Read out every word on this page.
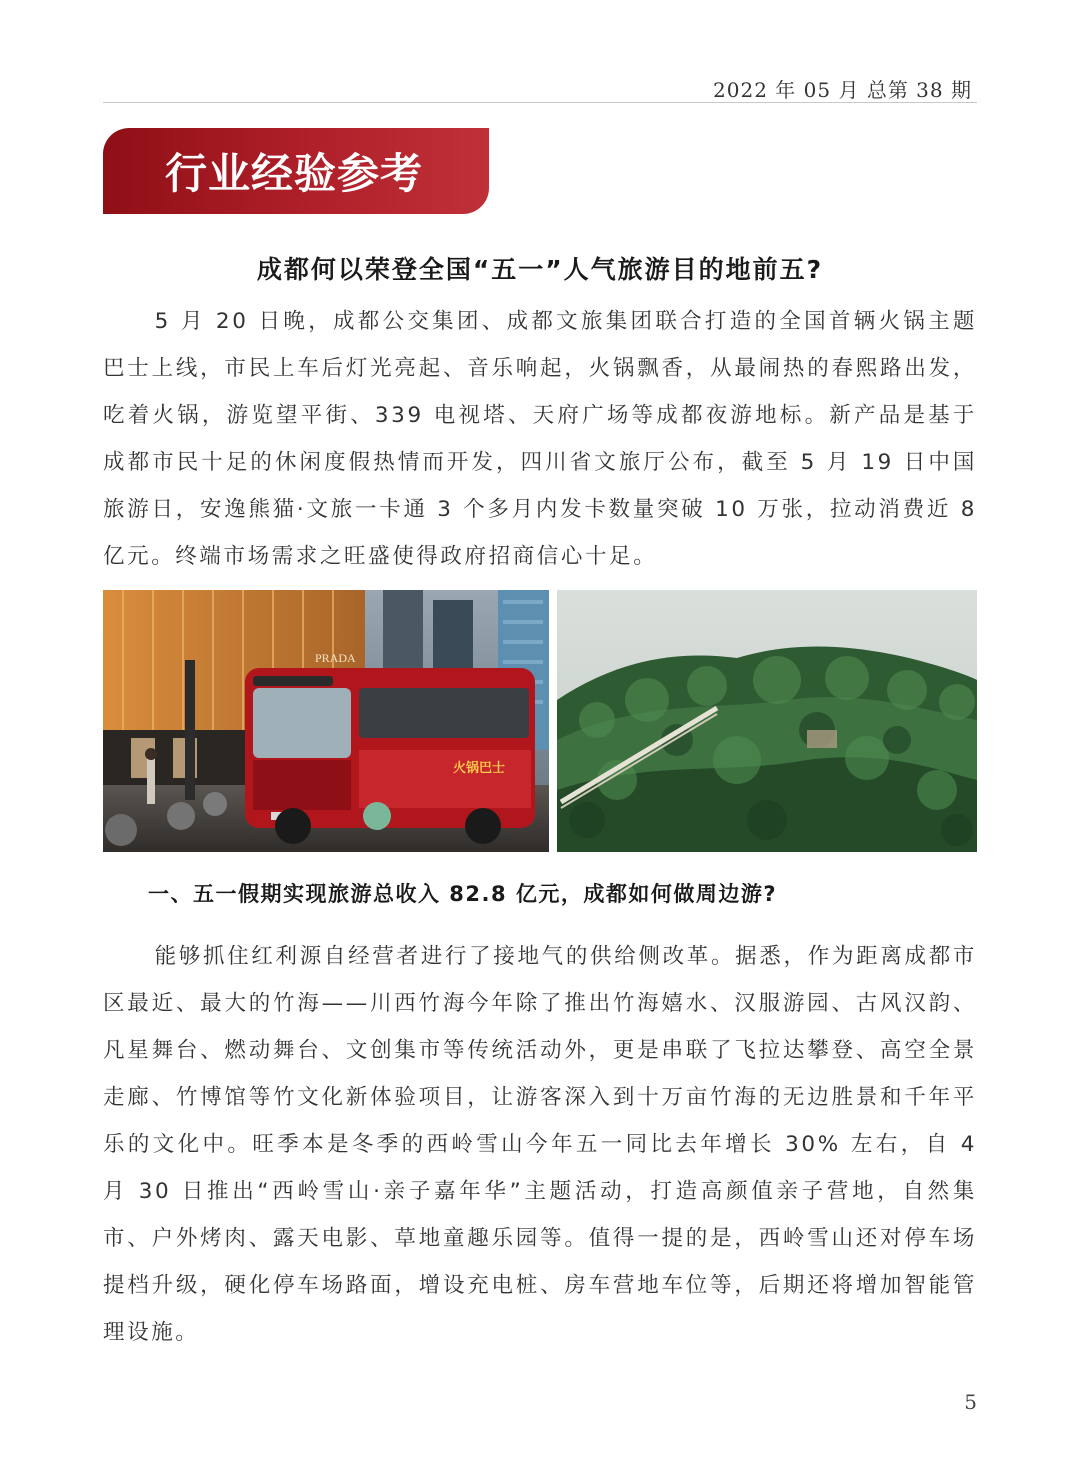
2022 年 05 月 总第 38 期
行业经验参考
成都何以荣登全国“五一”人气旅游目的地前五?

5 月 20 日晚，成都公交集团、成都文旅集团联合打造的全国首辆火锅主题巴士上线，市民上车后灯光亮起、音乐响起，火锅飘香，从最闹热的春熙路出发，吃着火锅，游览望平街、339 电视塔、天府广场等成都夜游地标。新产品是基于成都市民十足的休闲度假热情而开发，四川省文旅厅公布，截至 5 月 19 日中国旅游日，安逸熊猫·文旅一卡通 3 个多月内发卡数量突破 10 万张，拉动消费近 8 亿元。终端市场需求之旺盛使得政府招商信心十足。

PRADA
火锅巴士
一、五一假期实现旅游总收入 82.8 亿元，成都如何做周边游?

能够抓住红利源自经营者进行了接地气的供给侧改革。据悉，作为距离成都市区最近、最大的竹海——川西竹海今年除了推出竹海嬉水、汉服游园、古风汉韵、凡星舞台、燃动舞台、文创集市等传统活动外，更是串联了飞拉达攀登、高空全景走廊、竹博馆等竹文化新体验项目，让游客深入到十万亩竹海的无边胜景和千年平乐的文化中。旺季本是冬季的西岭雪山今年五一同比去年增长 30% 左右，自 4 月 30 日推出“西岭雪山·亲子嘉年华”主题活动，打造高颜值亲子营地，自然集市、户外烤肉、露天电影、草地童趣乐园等。值得一提的是，西岭雪山还对停车场提档升级，硬化停车场路面，增设充电桩、房车营地车位等，后期还将增加智能管理设施。

5
